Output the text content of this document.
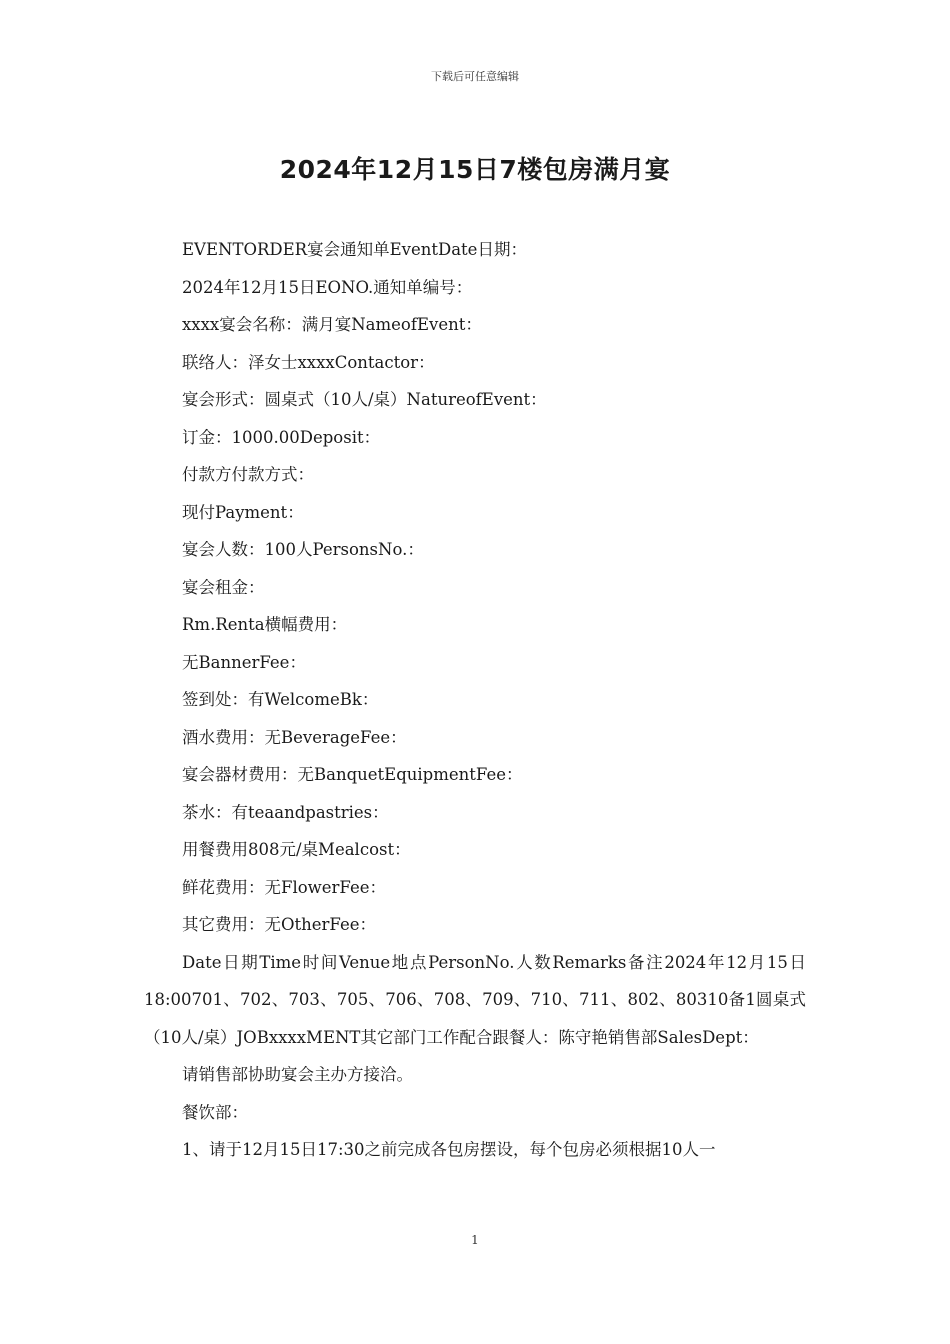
下载后可任意编辑
2024年12月15日7楼包房满月宴

EVENTORDER宴会通知单EventDate日期：

2024年12月15日EONO.通知单编号：

xxxx宴会名称：满月宴NameofEvent：

联络人：泽女士xxxxContactor：

宴会形式：圆桌式（10人/桌）NatureofEvent：

订金：1000.00Deposit：

付款方付款方式：

现付Payment：

宴会人数：100人PersonsNo.：

宴会租金：

Rm.Renta横幅费用：

无BannerFee：

签到处：有WelcomeBk：

酒水费用：无BeverageFee：

宴会器材费用：无BanquetEquipmentFee：

茶水：有teaandpastries：

用餐费用808元/桌Mealcost：

鲜花费用：无FlowerFee：

其它费用：无OtherFee：

Date日期Time时间Venue地点PersonNo.人数Remarks备注2024年12月15日18:00701、702、703、705、706、708、709、710、711、802、80310备1圆桌式（10人/桌）JOBxxxxMENT其它部门工作配合跟餐人：陈守艳销售部SalesDept：

请销售部协助宴会主办方接洽。

餐饮部：

1、请于12月15日17:30之前完成各包房摆设，每个包房必须根据10人一

1
